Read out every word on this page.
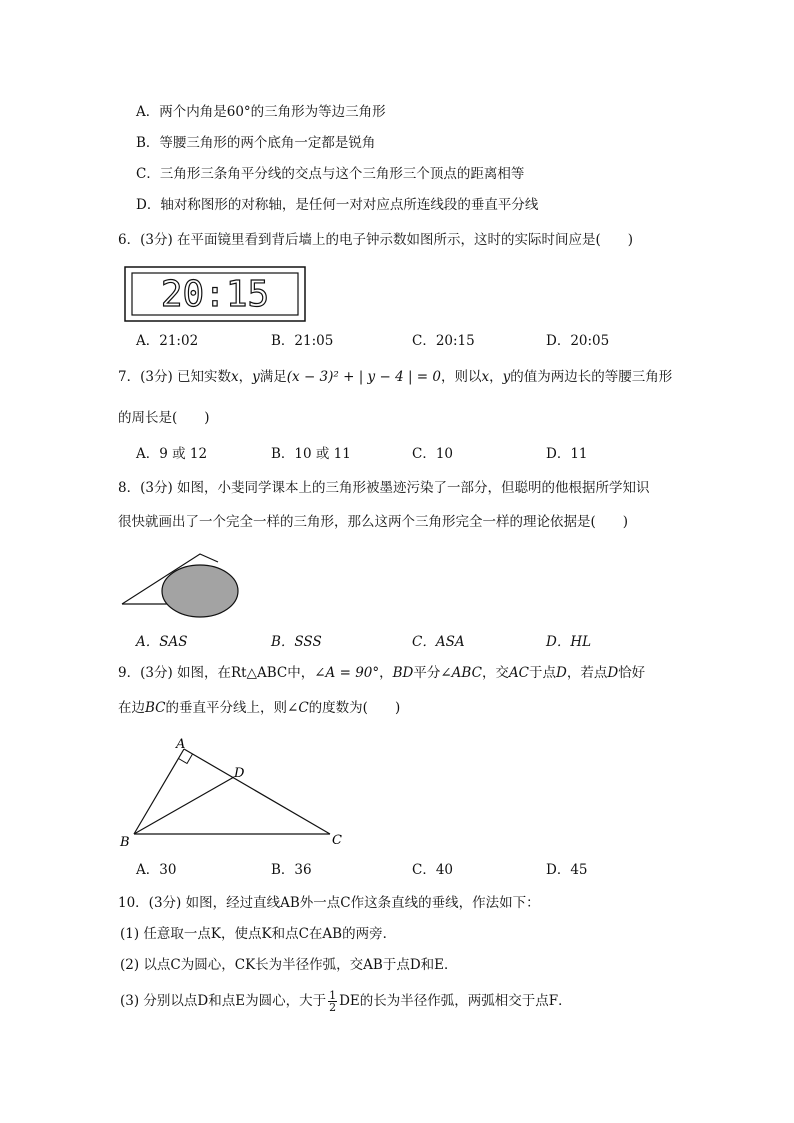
A．两个内角是60°的三角形为等边三角形
B．等腰三角形的两个底角一定都是锐角
C．三角形三条角平分线的交点与这个三角形三个顶点的距离相等
D．轴对称图形的对称轴，是任何一对对应点所连线段的垂直平分线
6．(3分) 在平面镜里看到背后墙上的电子钟示数如图所示，这时的实际时间应是(　　)
20:15
A．21:02	B．21:05	C．20:15	D．20:05
7．(3分) 已知实数x，y满足(x − 3)² + | y − 4 | = 0，则以x，y的值为两边长的等腰三角形
的周长是(　　)
A．9 或 12	B．10 或 11	C．10	D．11
8．(3分) 如图，小斐同学课本上的三角形被墨迹污染了一部分，但聪明的他根据所学知识
很快就画出了一个完全一样的三角形，那么这两个三角形完全一样的理论依据是(　　)
A．SAS	B．SSS	C．ASA	D．HL
9．(3分) 如图，在Rt△ABC中，∠A = 90°，BD平分∠ABC，交AC于点D，若点D恰好
在边BC的垂直平分线上，则∠C的度数为(　　)
A
D
B	C
A．30	B．36	C．40	D．45
10．(3分) 如图，经过直线AB外一点C作这条直线的垂线，作法如下：
(1) 任意取一点K，使点K和点C在AB的两旁．
(2) 以点C为圆心，CK长为半径作弧，交AB于点D和E．
(3) 分别以点D和点E为圆心，大于 $\frac{1}{2}$ DE的长为半径作弧，两弧相交于点F．
